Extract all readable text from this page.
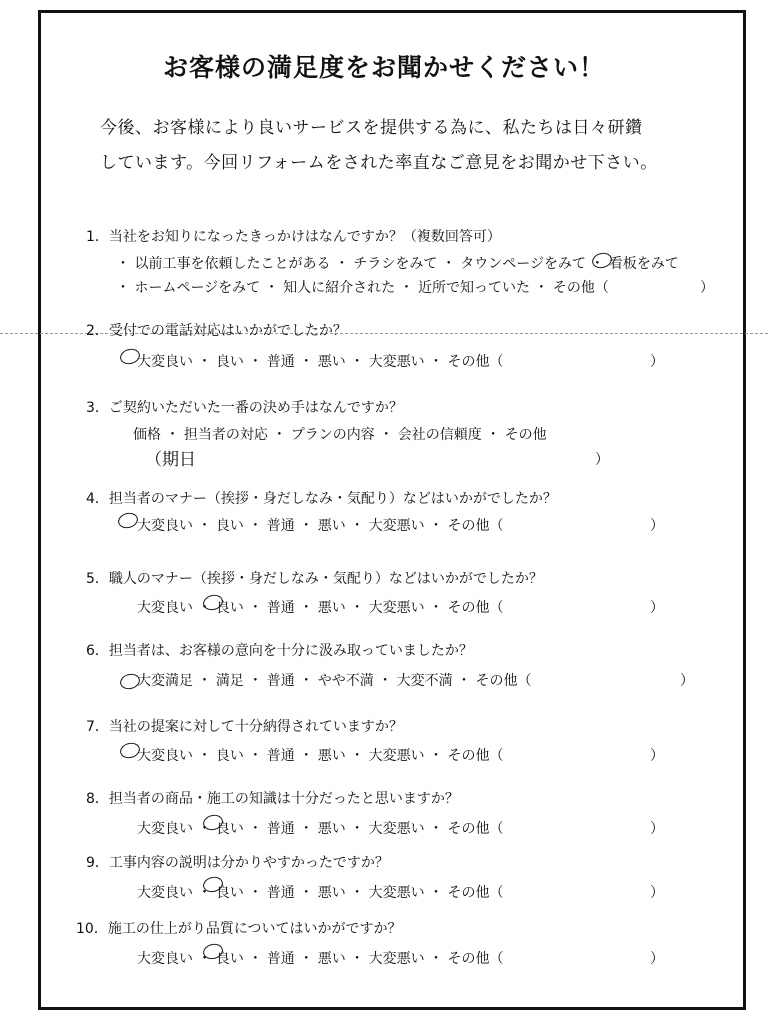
お客様の満足度をお聞かせください！
今後、お客様により良いサービスを提供する為に、私たちは日々研鑽
しています。今回リフォームをされた率直なご意見をお聞かせ下さい。
1．当社をお知りになったきっかけはなんですか？（複数回答可）
・ 以前工事を依頼したことがある ・ チラシをみて ・ タウンページをみて ・ 看板をみて
・ ホームページをみて ・ 知人に紹介された ・ 近所で知っていた ・ その他（	）
2．受付での電話対応はいかがでしたか？
大変良い ・ 良い ・ 普通 ・ 悪い ・ 大変悪い ・ その他（	）
3．ご契約いただいた一番の決め手はなんですか？
価格 ・ 担当者の対応 ・ プランの内容 ・ 会社の信頼度 ・ その他
（期日	）
4．担当者のマナー（挨拶・身だしなみ・気配り）などはいかがでしたか？
大変良い ・ 良い ・ 普通 ・ 悪い ・ 大変悪い ・ その他（	）
5．職人のマナー（挨拶・身だしなみ・気配り）などはいかがでしたか？
大変良い ・ 良い ・ 普通 ・ 悪い ・ 大変悪い ・ その他（	）
6．担当者は、お客様の意向を十分に汲み取っていましたか？
大変満足 ・ 満足 ・ 普通 ・ やや不満 ・ 大変不満 ・ その他（	）
7．当社の提案に対して十分納得されていますか？
大変良い ・ 良い ・ 普通 ・ 悪い ・ 大変悪い ・ その他（	）
8．担当者の商品・施工の知識は十分だったと思いますか？
大変良い ・ 良い ・ 普通 ・ 悪い ・ 大変悪い ・ その他（	）
9．工事内容の説明は分かりやすかったですか？
大変良い ・ 良い ・ 普通 ・ 悪い ・ 大変悪い ・ その他（	）
10．施工の仕上がり品質についてはいかがですか？
大変良い ・ 良い ・ 普通 ・ 悪い ・ 大変悪い ・ その他（	）
